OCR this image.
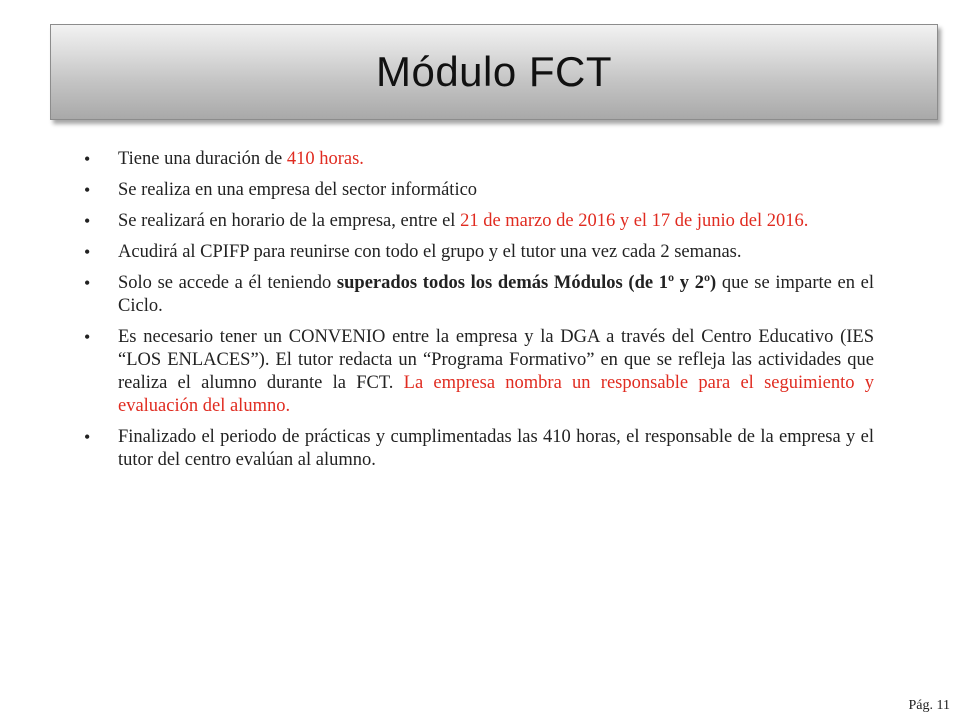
Módulo FCT
•	Tiene una duración de 410 horas.
•	Se realiza en una empresa del sector informático
•	Se realizará en horario de la empresa, entre el 21 de marzo de 2016 y el 17 de junio del 2016.
•	Acudirá al CPIFP para reunirse con todo el grupo y el tutor una vez cada 2 semanas.
•	Solo se accede a él teniendo superados todos los demás Módulos (de 1º y 2º) que se imparte en el Ciclo.
•	Es necesario tener un CONVENIO entre la empresa y la DGA a través del Centro Educativo (IES “LOS ENLACES”). El tutor redacta un “Programa Formativo” en que se refleja las actividades que realiza el alumno durante la FCT. La empresa nombra un responsable para el seguimiento y evaluación del alumno.
•	Finalizado el periodo de prácticas y cumplimentadas las 410 horas, el responsable de la empresa y el tutor del centro evalúan al alumno.
Pág. 11
